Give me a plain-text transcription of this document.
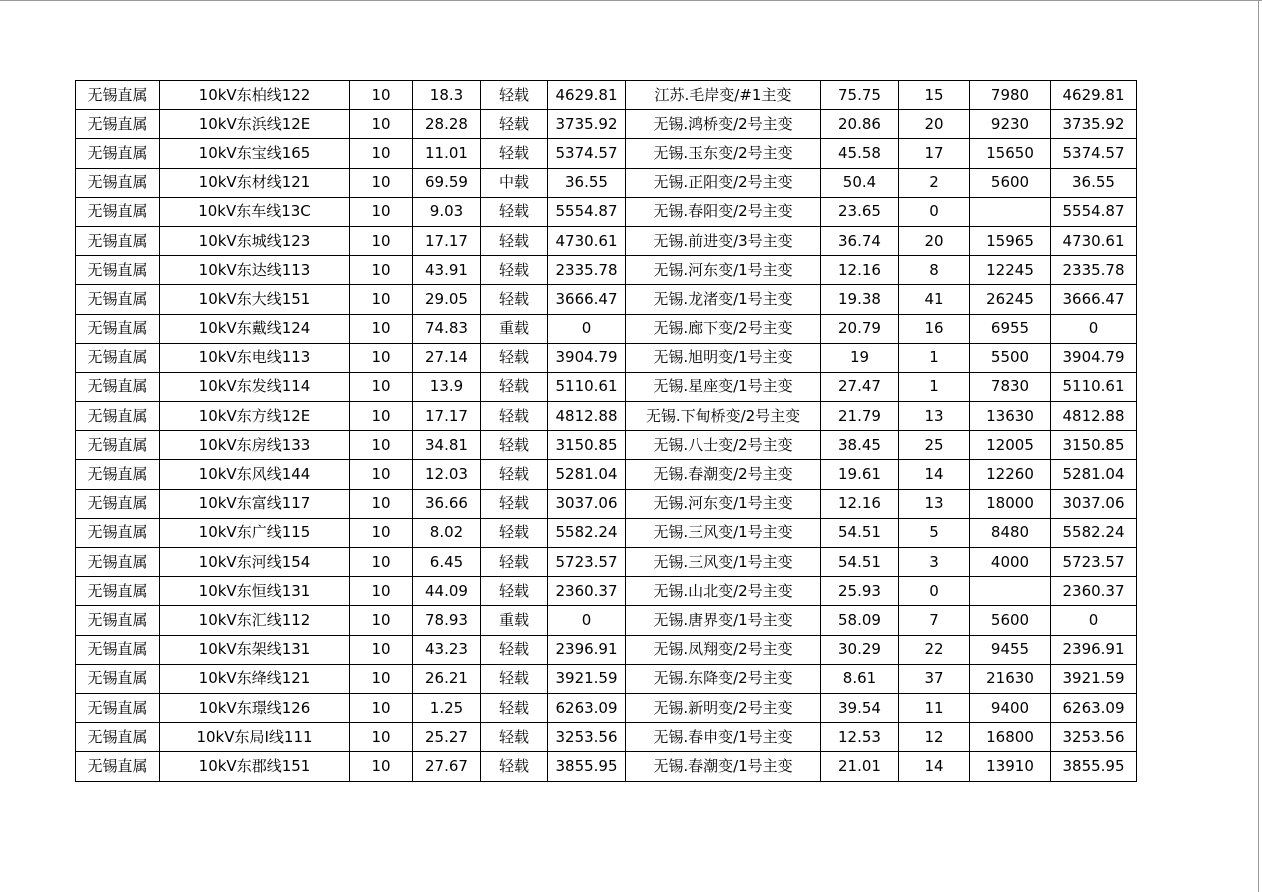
无锡直属	10kV东柏线122	10	18.3	轻载	4629.81	江苏.毛岸变/#1主变	75.75	15	7980	4629.81
无锡直属	10kV东浜线12E	10	28.28	轻载	3735.92	无锡.鸿桥变/2号主变	20.86	20	9230	3735.92
无锡直属	10kV东宝线165	10	11.01	轻载	5374.57	无锡.玉东变/2号主变	45.58	17	15650	5374.57
无锡直属	10kV东材线121	10	69.59	中载	36.55	无锡.正阳变/2号主变	50.4	2	5600	36.55
无锡直属	10kV东车线13C	10	9.03	轻载	5554.87	无锡.春阳变/2号主变	23.65	0		5554.87
无锡直属	10kV东城线123	10	17.17	轻载	4730.61	无锡.前进变/3号主变	36.74	20	15965	4730.61
无锡直属	10kV东达线113	10	43.91	轻载	2335.78	无锡.河东变/1号主变	12.16	8	12245	2335.78
无锡直属	10kV东大线151	10	29.05	轻载	3666.47	无锡.龙渚变/1号主变	19.38	41	26245	3666.47
无锡直属	10kV东戴线124	10	74.83	重载	0	无锡.廊下变/2号主变	20.79	16	6955	0
无锡直属	10kV东电线113	10	27.14	轻载	3904.79	无锡.旭明变/1号主变	19	1	5500	3904.79
无锡直属	10kV东发线114	10	13.9	轻载	5110.61	无锡.星座变/1号主变	27.47	1	7830	5110.61
无锡直属	10kV东方线12E	10	17.17	轻载	4812.88	无锡.下甸桥变/2号主变	21.79	13	13630	4812.88
无锡直属	10kV东房线133	10	34.81	轻载	3150.85	无锡.八士变/2号主变	38.45	25	12005	3150.85
无锡直属	10kV东风线144	10	12.03	轻载	5281.04	无锡.春潮变/2号主变	19.61	14	12260	5281.04
无锡直属	10kV东富线117	10	36.66	轻载	3037.06	无锡.河东变/1号主变	12.16	13	18000	3037.06
无锡直属	10kV东广线115	10	8.02	轻载	5582.24	无锡.三风变/1号主变	54.51	5	8480	5582.24
无锡直属	10kV东河线154	10	6.45	轻载	5723.57	无锡.三风变/1号主变	54.51	3	4000	5723.57
无锡直属	10kV东恒线131	10	44.09	轻载	2360.37	无锡.山北变/2号主变	25.93	0		2360.37
无锡直属	10kV东汇线112	10	78.93	重载	0	无锡.唐界变/1号主变	58.09	7	5600	0
无锡直属	10kV东架线131	10	43.23	轻载	2396.91	无锡.凤翔变/2号主变	30.29	22	9455	2396.91
无锡直属	10kV东绛线121	10	26.21	轻载	3921.59	无锡.东降变/2号主变	8.61	37	21630	3921.59
无锡直属	10kV东璟线126	10	1.25	轻载	6263.09	无锡.新明变/2号主变	39.54	11	9400	6263.09
无锡直属	10kV东局Ⅰ线111	10	25.27	轻载	3253.56	无锡.春申变/1号主变	12.53	12	16800	3253.56
无锡直属	10kV东郡线151	10	27.67	轻载	3855.95	无锡.春潮变/1号主变	21.01	14	13910	3855.95
